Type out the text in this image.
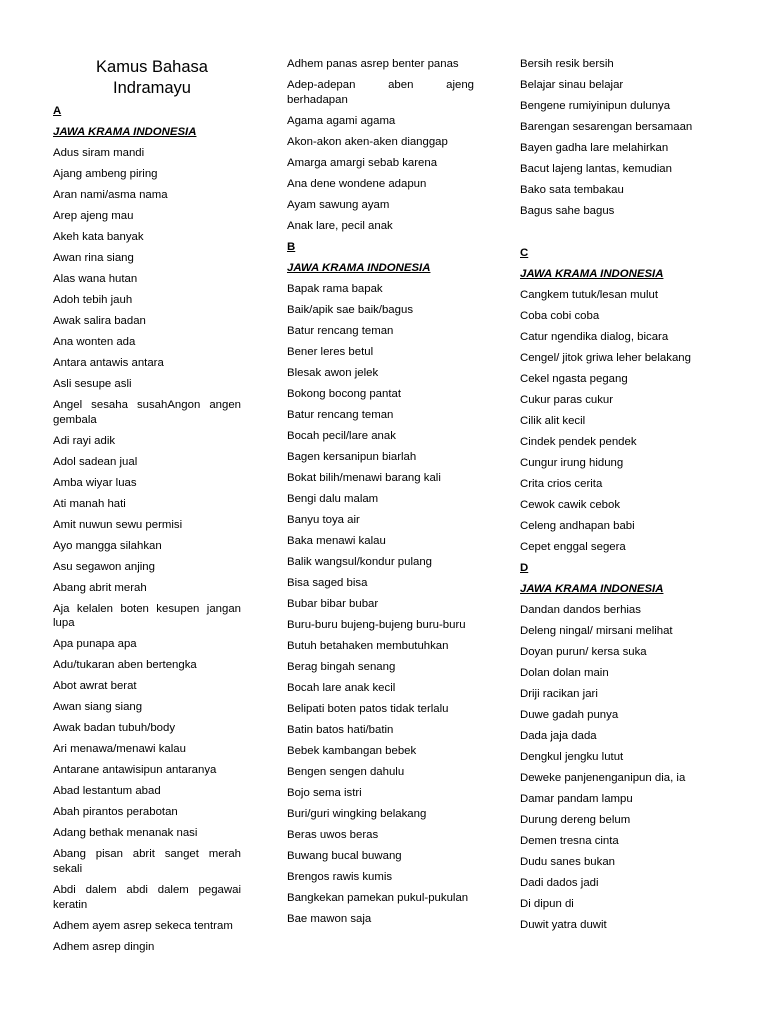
Kamus Bahasa Indramayu
A
JAWA KRAMA INDONESIA
Adus siram mandi
Ajang ambeng piring
Aran nami/asma nama
Arep ajeng mau
Akeh kata banyak
Awan rina siang
Alas wana hutan
Adoh tebih jauh
Awak salira badan
Ana wonten ada
Antara antawis antara
Asli sesupe asli
Angel sesaha susahAngon angen gembala
Adi rayi adik
Adol sadean jual
Amba wiyar luas
Ati manah hati
Amit nuwun sewu permisi
Ayo mangga silahkan
Asu segawon anjing
Abang abrit merah
Aja kelalen boten kesupen jangan lupa
Apa punapa apa
Adu/tukaran aben bertengka
Abot awrat berat
Awan siang siang
Awak badan tubuh/body
Ari menawa/menawi kalau
Antarane antawisipun antaranya
Abad lestantum abad
Abah pirantos perabotan
Adang bethak menanak nasi
Abang pisan abrit sanget merah sekali
Abdi dalem abdi dalem pegawai keratin
Adhem ayem asrep sekeca tentram
Adhem asrep dingin
Adhem panas asrep benter panas
Adep-adepan aben ajeng berhadapan
Agama agami agama
Akon-akon aken-aken dianggap
Amarga amargi sebab karena
Ana dene wondene adapun
Ayam sawung ayam
Anak lare, pecil anak
B
JAWA KRAMA INDONESIA
Bapak rama bapak
Baik/apik sae baik/bagus
Batur rencang teman
Bener leres betul
Blesak awon jelek
Bokong bocong pantat
Batur rencang teman
Bocah pecil/lare anak
Bagen kersanipun biarlah
Bokat bilih/menawi barang kali
Bengi dalu malam
Banyu toya air
Baka menawi kalau
Balik wangsul/kondur pulang
Bisa saged bisa
Bubar bibar bubar
Buru-buru bujeng-bujeng buru-buru
Butuh betahaken membutuhkan
Berag bingah senang
Bocah lare anak kecil
Belipati boten patos tidak terlalu
Batin batos hati/batin
Bebek kambangan bebek
Bengen sengen dahulu
Bojo sema istri
Buri/guri wingking belakang
Beras uwos beras
Buwang bucal buwang
Brengos rawis kumis
Bangkekan pamekan pukul-pukulan
Bae mawon saja
Bersih resik bersih
Belajar sinau belajar
Bengene rumiyinipun dulunya
Barengan sesarengan bersamaan
Bayen gadha lare melahirkan
Bacut lajeng lantas, kemudian
Bako sata tembakau
Bagus sahe bagus
C
JAWA KRAMA INDONESIA
Cangkem tutuk/lesan mulut
Coba cobi coba
Catur ngendika dialog, bicara
Cengel/ jitok griwa leher belakang
Cekel ngasta pegang
Cukur paras cukur
Cilik alit kecil
Cindek pendek pendek
Cungur irung hidung
Crita crios cerita
Cewok cawik cebok
Celeng andhapan babi
Cepet enggal segera
D
JAWA KRAMA INDONESIA
Dandan dandos berhias
Deleng ningal/ mirsani melihat
Doyan purun/ kersa suka
Dolan dolan main
Driji racikan jari
Duwe gadah punya
Dada jaja dada
Dengkul jengku lutut
Deweke panjenenganipun dia, ia
Damar pandam lampu
Durung dereng belum
Demen tresna cinta
Dudu sanes bukan
Dadi dados jadi
Di dipun di
Duwit yatra duwit
